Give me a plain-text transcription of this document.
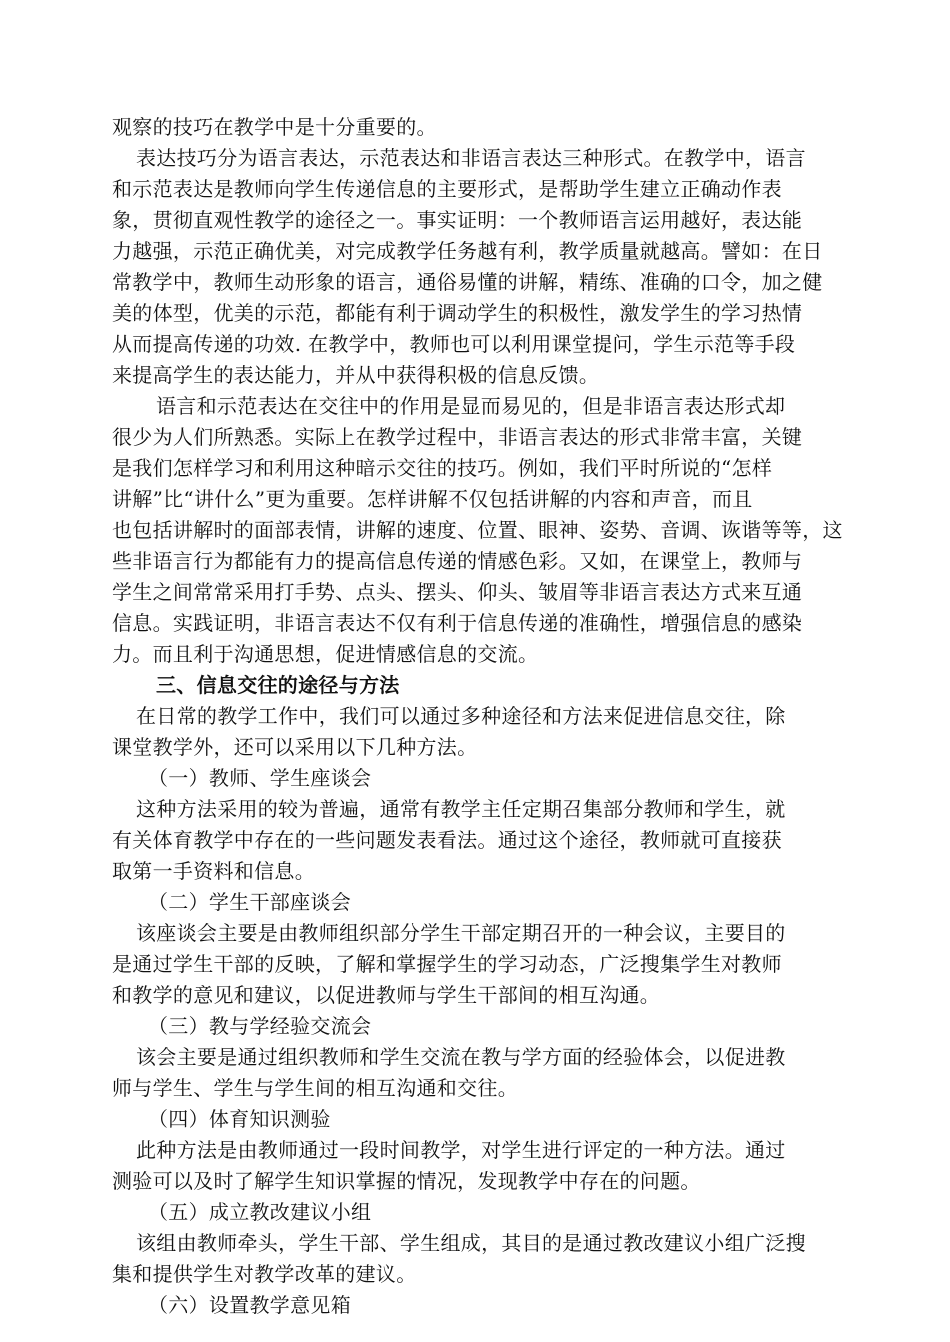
观察的技巧在教学中是十分重要的。
表达技巧分为语言表达，示范表达和非语言表达三种形式。在教学中，语言
和示范表达是教师向学生传递信息的主要形式，是帮助学生建立正确动作表
象，贯彻直观性教学的途径之一。事实证明：一个教师语言运用越好，表达能
力越强，示范正确优美，对完成教学任务越有利，教学质量就越高。譬如：在日
常教学中，教师生动形象的语言，通俗易懂的讲解，精练、准确的口令，加之健
美的体型，优美的示范，都能有利于调动学生的积极性，激发学生的学习热情
从而提高传递的功效. 在教学中，教师也可以利用课堂提问，学生示范等手段
来提高学生的表达能力，并从中获得积极的信息反馈。
语言和示范表达在交往中的作用是显而易见的，但是非语言表达形式却
很少为人们所熟悉。实际上在教学过程中，非语言表达的形式非常丰富，关键
是我们怎样学习和利用这种暗示交往的技巧。例如，我们平时所说的“怎样
讲解”比“讲什么”更为重要。怎样讲解不仅包括讲解的内容和声音，而且
也包括讲解时的面部表情，讲解的速度、位置、眼神、姿势、音调、诙谐等等，这
些非语言行为都能有力的提高信息传递的情感色彩。又如，在课堂上，教师与
学生之间常常采用打手势、点头、摆头、仰头、皱眉等非语言表达方式来互通
信息。实践证明，非语言表达不仅有利于信息传递的准确性，增强信息的感染
力。而且利于沟通思想，促进情感信息的交流。
三、信息交往的途径与方法
在日常的教学工作中，我们可以通过多种途径和方法来促进信息交往，除
课堂教学外，还可以采用以下几种方法。
（一）教师、学生座谈会
这种方法采用的较为普遍，通常有教学主任定期召集部分教师和学生，就
有关体育教学中存在的一些问题发表看法。通过这个途径，教师就可直接获
取第一手资料和信息。
（二）学生干部座谈会
该座谈会主要是由教师组织部分学生干部定期召开的一种会议，主要目的
是通过学生干部的反映，了解和掌握学生的学习动态，广泛搜集学生对教师
和教学的意见和建议，以促进教师与学生干部间的相互沟通。
（三）教与学经验交流会
该会主要是通过组织教师和学生交流在教与学方面的经验体会，以促进教
师与学生、学生与学生间的相互沟通和交往。
（四）体育知识测验
此种方法是由教师通过一段时间教学，对学生进行评定的一种方法。通过
测验可以及时了解学生知识掌握的情况，发现教学中存在的问题。
（五）成立教改建议小组
该组由教师牵头，学生干部、学生组成，其目的是通过教改建议小组广泛搜
集和提供学生对教学改革的建议。
（六）设置教学意见箱
